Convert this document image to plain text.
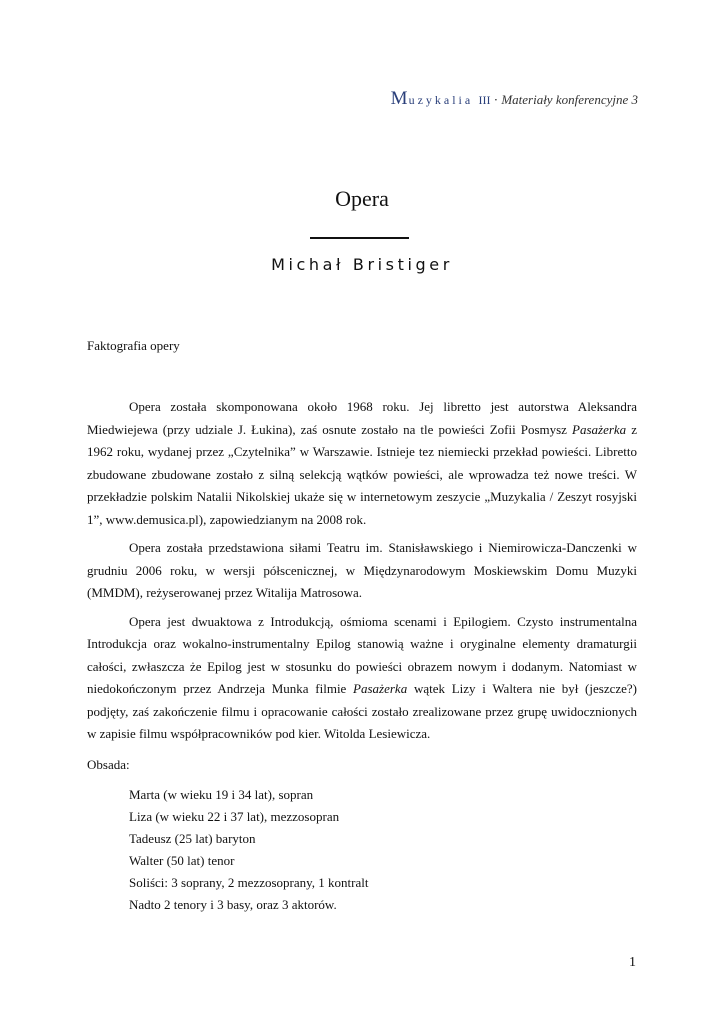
Muzykalia III · Materiały konferencyjne 3
Opera
Michał Bristiger
Faktografia opery

Opera została skomponowana około 1968 roku. Jej libretto jest autorstwa Aleksandra Miedwiejewa (przy udziale J. Łukina), zaś osnute zostało na tle powieści Zofii Posmysz Pasażerka z 1962 roku, wydanej przez „Czytelnika” w Warszawie. Istnieje tez niemiecki przekład powieści. Libretto zbudowane zbudowane zostało z silną selekcją wątków powieści, ale wprowadza też nowe treści. W przekładzie polskim Natalii Nikolskiej ukaże się w internetowym zeszycie „Muzykalia / Zeszyt rosyjski 1”, www.demusica.pl), zapowiedzianym na 2008 rok.

Opera została przedstawiona siłami Teatru im. Stanisławskiego i Niemirowicza-Danczenki w grudniu 2006 roku, w wersji półscenicznej, w Międzynarodowym Moskiewskim Domu Muzyki (MMDM), reżyserowanej przez Witalija Matrosowa.

Opera jest dwuaktowa z Introdukcją, ośmioma scenami i Epilogiem. Czysto instrumentalna Introdukcja oraz wokalno-instrumentalny Epilog stanowią ważne i oryginalne elementy dramaturgii całości, zwłaszcza że Epilog jest w stosunku do powieści obrazem nowym i dodanym. Natomiast w niedokończonym przez Andrzeja Munka filmie Pasażerka wątek Lizy i Waltera nie był (jeszcze?) podjęty, zaś zakończenie filmu i opracowanie całości zostało zrealizowane przez grupę uwidocznionych w zapisie filmu współpracowników pod kier. Witolda Lesiewicza.

Obsada:
Marta (w wieku 19 i 34 lat), sopran
Liza (w wieku 22 i 37 lat), mezzosopran
Tadeusz (25 lat) baryton
Walter (50 lat) tenor
Soliści: 3 soprany, 2 mezzosoprany, 1 kontralt
Nadto 2 tenory i 3 basy, oraz 3 aktorów.
1
